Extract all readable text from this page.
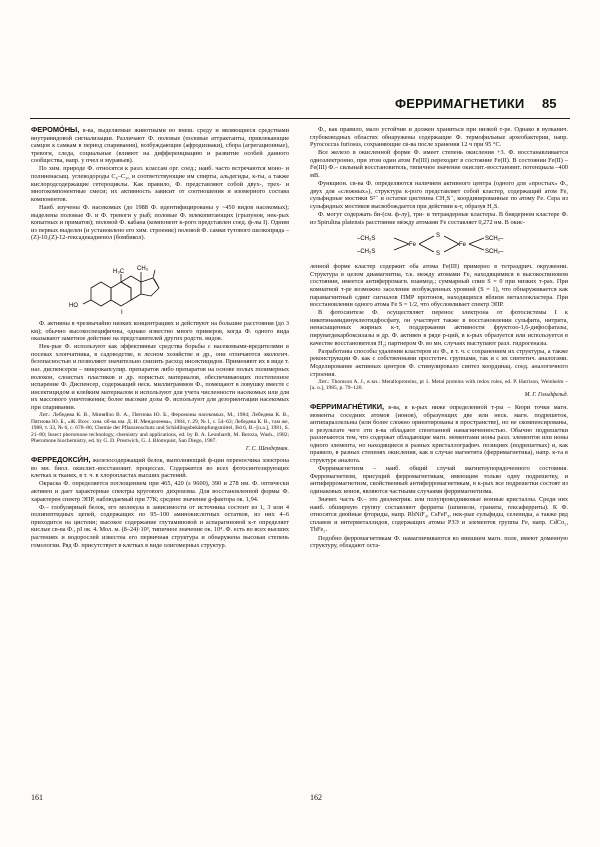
ФЕРРИМАГНЕТИКИ 85

ФЕРОМО́НЫ, в-ва, выделяемые животными во внеш. среду и являющиеся средствами внутривидовой сигнализации. Различают Ф. половые (половые аттрактанты, привлекающие самцов к самкам в период спаривания), возбуждающие (афродизиаки), сбора (агрегационные), тревоги, следа, социальные (влияют на дифференциацию и развитие особей данного сообщества, напр. у пчел и муравьев).

По хим. природе Ф. относятся к разл. классам орг. соед.; наиб. часто встречаются моно- и полиненасыщ. углеводороды C₆–C₃₀ и соответствующие им спирты, альдегиды, к-ты, а также кислородсодержащие гетероциклы. Как правило, Ф. представляют собой двух-, трех- и многокомпонентные смеси; их активность зависит от соотношения и изомерного состава компонентов.

Наиб. изучены Ф. насекомых (до 1988 Ф. идентифицированы у ~450 видов насекомых); выделены половые Ф. и Ф. тревоги у рыб; половые Ф. млекопитающих (грызунов, нек-рых копытных и приматов); половой Ф. кабана (компонент к-рого представлен соед. ф-лы I). Одним из первых выделен (и установлено его хим. строение) половой Ф. самки тутового шелкопряда – (Z)-10,(Z)-12-гексадекадиенол (бомбикол).

HO
H₃C CH₃
I

Ф. активны в чрезвычайно низких концентрациях и действуют на большие расстояния (до 3 км); обычно высокоспецифичны, однако известно много примеров, когда Ф. одного вида оказывают заметное действие на представителей других родств. видов.

Нек-рые Ф. используют как эффективные средства борьбы с насекомыми-вредителями в посевах хлопчатника, в садоводстве, в лесном хозяйстве и др., они отличаются экологич. безопасностью и позволяют значительно снизить расход инсектицидов. Применяют их в виде т. наз. диспенсеров – микрокапсулир. препаратов либо препаратов на основе полых полимерных волокон, слоистых пластиков и др. пористых материалов, обеспечивающих постепенное испарение Ф. Диспенсер, содержащий неск. миллиграммов Ф., помещают в ловушку вместе с инсектицидом и клейким материалом и используют для учета численности насекомых или для их массового уничтожения; более высокие дозы Ф. используют для дезориентации насекомых при спаривании.

Лит.: Лебедева К. В., Миняйло В. А., Пятнова Ю. Б., Феромоны насекомых, М., 1984; Лебедева К. В., Пятнова Ю. Б., «Ж. Всес. хим. об-ва им. Д. И. Менделеева», 1984, т. 29, № 1, с. 54–63; Лебедева К. В., там же, 1988, т. 33, № 6, с. 678–86; Chemie der Pflanzenschutz und Schädlingsbekämpfungsmittel, Bd 6, B.–[u.a.], 1981, S. 21–80; Insect pheromone technology, chemistry and applications, ed. by B. A. Leonhardt, M. Beroza, Wash., 1982; Pheromone biochemistry, ed. by G. D. Prestwich, G. J. Blomquist, San Diego, 1987.

Г. С. Шендерман.

ФЕРРЕДОКСИ́Н, железосодержащий белок, выполняющий ф-ции переносчика электрона во мн. биол. окислит.-восстановит. процессах. Содержится во всех фотосинтезирующих клетках и тканях, в т. ч. в хлоропластах высших растений.

Окраска Ф. определяется поглощением при 465, 420 (ε 9600), 390 и 278 нм. Ф. оптически активен и дает характерные спектры кругового дихроизма. Для восстановленной формы Ф. характерен спектр ЭПР, наблюдаемый при 77К; среднее значение g-фактора ок. 1,94.

Ф.– глобулярный белок, его молекула в зависимости от источника состоит из 1, 3 или 4 полипептидных цепей, содержащих по 95–100 аминокислотных остатков, из них 4–6 приходится на цистеин; высокое содержание глутаминовой и аспарагиновой к-т определяет кислые св-ва Ф., pI ок. 4. Мол. м. (8–24)·10³, типичное значение ок. 10⁴. Ф. есть во всех высших растениях и водорослей известна его первичная структура и обнаружена высокая степень гомологии. Ряд Ф. присутствует в клетках в виде олигомерных структур.

Ф., как правило, мало устойчив и должен храниться при низкой т-ре. Однако в вулканич. глубоководных областях обнаружены содержащие Ф. термофильные археобактерии, напр. Pyrococcus furiosus, сохраняющие св-ва после хранения 12 ч при 95 °С.

Все железо в окисленной форме Ф. имеет степень окисления +3. Ф. восстанавливается одноэлектронно, при этом один атом Fe(III) переходит в состояние Fe(II). В состоянии Fe(II) – Fe(III) Ф.– сильный восстановитель, типичное значение окислит.-восстановит. потенциала –400 мВ.

Функцион. св-ва Ф. определяются наличием активного центра (одного для «простых» Ф., двух для «сложных»), структура к-рого представляет собой кластер, содержащий атом Fe, сульфидные мостики S²⁻ и остатки цистеина CH₂S⁻, координированные по атому Fe. Сера из сульфидных мостиков высвобождается при действии к-т, образуя H₂S.

Ф. могут содержать би-(см. ф-лу), три- и тетраядерные кластеры. В биядерном кластере Ф. из Spirulina platensis расстояние между атомами Fe составляет 0,272 нм. В окис-

–CH₂S
–CH₂S
Fe
S
S
Fe
SCH₂–
SCH₂–

ленной форме кластер содержит оба атома Fe(III) примерно в тетраэдрич. окружении. Структура в целом диамагнитна, т.к. между атомами Fe, находящимися в высокоспиновом состоянии, имеется антиферромагн. взаимод.; суммарный спин S = 0 при низких т-рах. При комнатной т-ре возможно заселение возбужденных уровней (S = 1), что обнаруживается как парамагнитный сдвиг сигналов ПМР протонов, находящихся вблизи металлокластера. При восстановлении одного атома Fe S = 1/2, что обусловливает спектр ЭПР.

В фотосинтезе Ф. осуществляет перенос электрона от фотосистемы I к никотинамидинуклеотидфосфату, он участвует также в восстановлении сульфита, нитрита, ненасыщенных жирных к-т, поддержании активности фруктозо-1,6-дифосфатазы, пируватдекарбоксилазы и др. Ф. активен в ряде р-ций, в к-рых образуется или используется в качестве восстановителя H₂; партнером Ф. во мн. случаях выступают разл. гидрогеназы.

Разработаны способы удаления кластеров из Ф., в т. ч. с сохранением их структуры, а также реконструкции Ф. как с собственными простетич. группами, так и с их синтетич. аналогами. Моделирование активных центров Ф. стимулировало синтез координац. соед. аналогичного строения.

Лит.: Thomson A. J., в кн.: Metalloproteins, pt 1. Metal proteins with redox roles, ed. P. Harrison, Weinheim – [a. o.], 1985, p. 79–120.

М. Г. Гольдфельд.

ФЕРРИМАГНЕ́ТИКИ, в-ва, в к-рых ниже определенной т-ры – Кюри точки магн. моменты соседних атомов (ионов), образующих две или неск. магн. подрешеток, антипараллельны (или более сложно ориентированы в пространстве), но не скомпенсированы, в результате чего эти в-ва обладают спонтанной намагниченностью. Обычно подрешетки различаются тем, что содержат обладающие магн. моментами ионы разл. элементов или ионы одного элемента, но находящиеся в разных кристаллографич. позициях (подрешетках) и, как правило, в разных степенях окисления, как в случае магнетита (ферримагнетика), напр. к-та в структуре аналога.

Ферримагнетизм – наиб. общий случай магнитоупорядоченного состояния. Ферромагнетизм, присущий ферромагнетикам, имеющим только одну подрешетку, и антиферромагнетизм, свойственный антиферромагнетикам, в к-рых все подрешетки состоят из одинаковых ионов, являются частными случаями ферримагнетизма.

Значит. часть Ф.– это диэлектрик. или полупроводниковые ионные кристаллы. Среди них наиб. обширную группу составляют ферриты (шпинели, гранаты, гексаферриты). К Ф. относятся двойные фториды, напр. RbNiF₃, CsFeF₃, нек-рые сульфиды, селениды, а также ряд сплавов и интерметаллидов, содержащих атомы РЗЭ и элементов группы Fe, напр. CdCo₅, TbFe₂.

Подобно ферромагнетикам Ф. намагничиваются во внешнем магн. поле, имеют доменную структуру, обладают оста-

161	162
